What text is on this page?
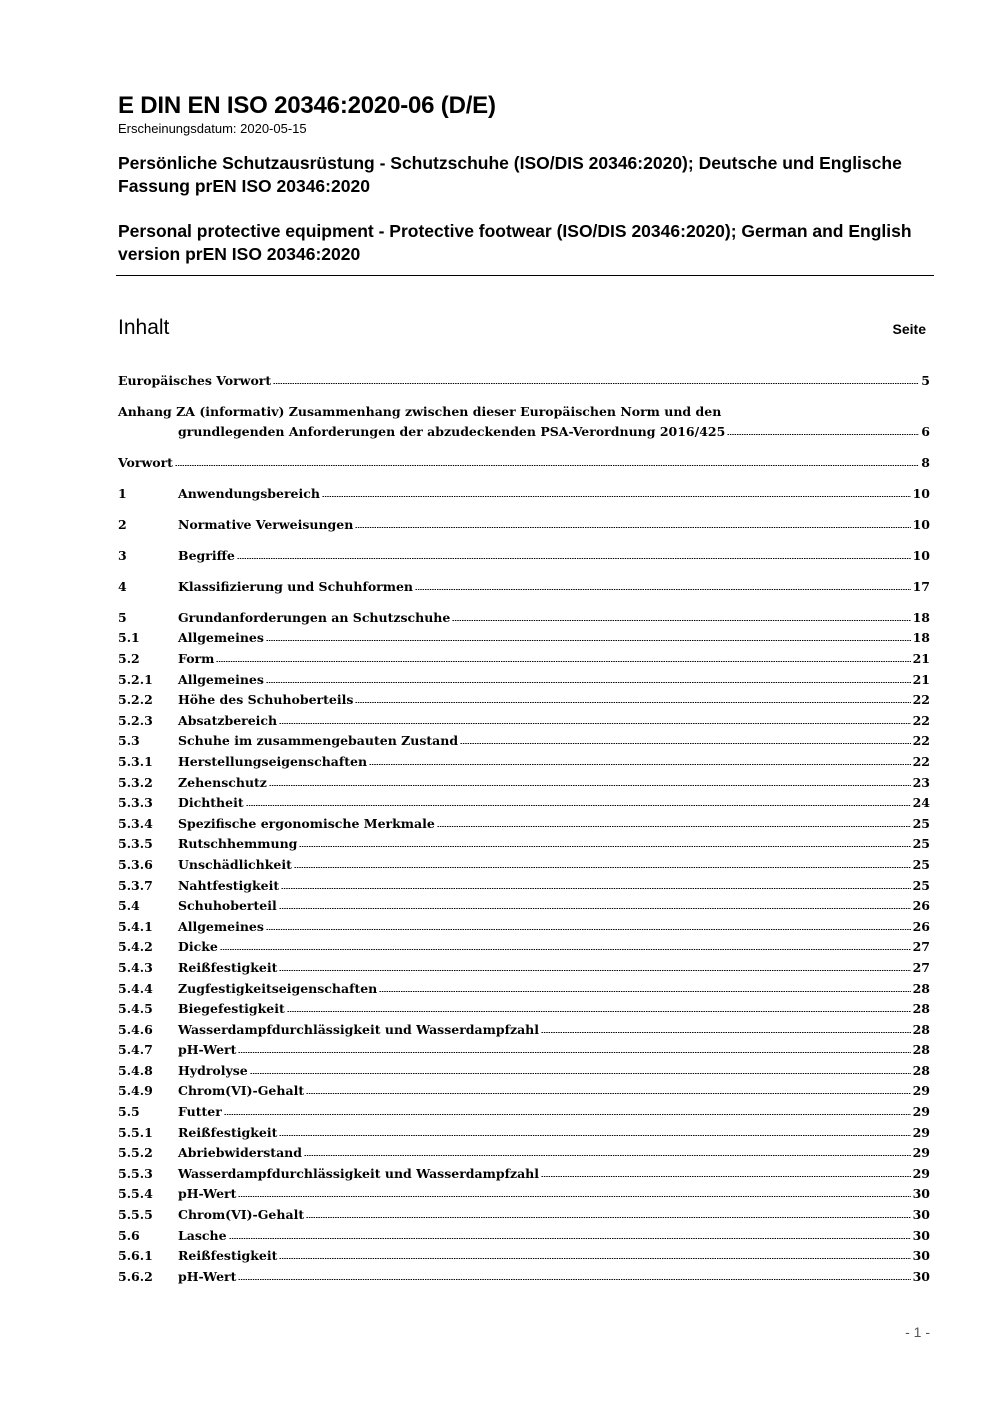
E DIN EN ISO 20346:2020-06 (D/E)
Erscheinungsdatum: 2020-05-15
Persönliche Schutzausrüstung - Schutzschuhe (ISO/DIS 20346:2020); Deutsche und Englische Fassung prEN ISO 20346:2020
Personal protective equipment - Protective footwear (ISO/DIS 20346:2020); German and English version prEN ISO 20346:2020
Inhalt	Seite
Europäisches Vorwort	5
Anhang ZA (informativ) Zusammenhang zwischen dieser Europäischen Norm und den
grundlegenden Anforderungen der abzudeckenden PSA-Verordnung 2016/425	6
Vorwort	8
1	Anwendungsbereich	10
2	Normative Verweisungen	10
3	Begriffe	10
4	Klassifizierung und Schuhformen	17
5	Grundanforderungen an Schutzschuhe	18
5.1	Allgemeines	18
5.2	Form	21
5.2.1 Allgemeines	21
5.2.2 Höhe des Schuhoberteils	22
5.2.3 Absatzbereich	22
5.3	Schuhe im zusammengebauten Zustand	22
5.3.1 Herstellungseigenschaften	22
5.3.2 Zehenschutz	23
5.3.3 Dichtheit	24
5.3.4 Spezifische ergonomische Merkmale	25
5.3.5 Rutschhemmung	25
5.3.6 Unschädlichkeit	25
5.3.7 Nahtfestigkeit	25
5.4	Schuhoberteil	26
5.4.1 Allgemeines	26
5.4.2 Dicke	27
5.4.3 Reißfestigkeit	27
5.4.4 Zugfestigkeitseigenschaften	28
5.4.5 Biegefestigkeit	28
5.4.6 Wasserdampfdurchlässigkeit und Wasserdampfzahl	28
5.4.7 pH-Wert	28
5.4.8 Hydrolyse	28
5.4.9 Chrom(VI)-Gehalt	29
5.5	Futter	29
5.5.1 Reißfestigkeit	29
5.5.2 Abriebwiderstand	29
5.5.3 Wasserdampfdurchlässigkeit und Wasserdampfzahl	29
5.5.4 pH-Wert	30
5.5.5 Chrom(VI)-Gehalt	30
5.6	Lasche	30
5.6.1 Reißfestigkeit	30
5.6.2 pH-Wert	30
- 1 -
